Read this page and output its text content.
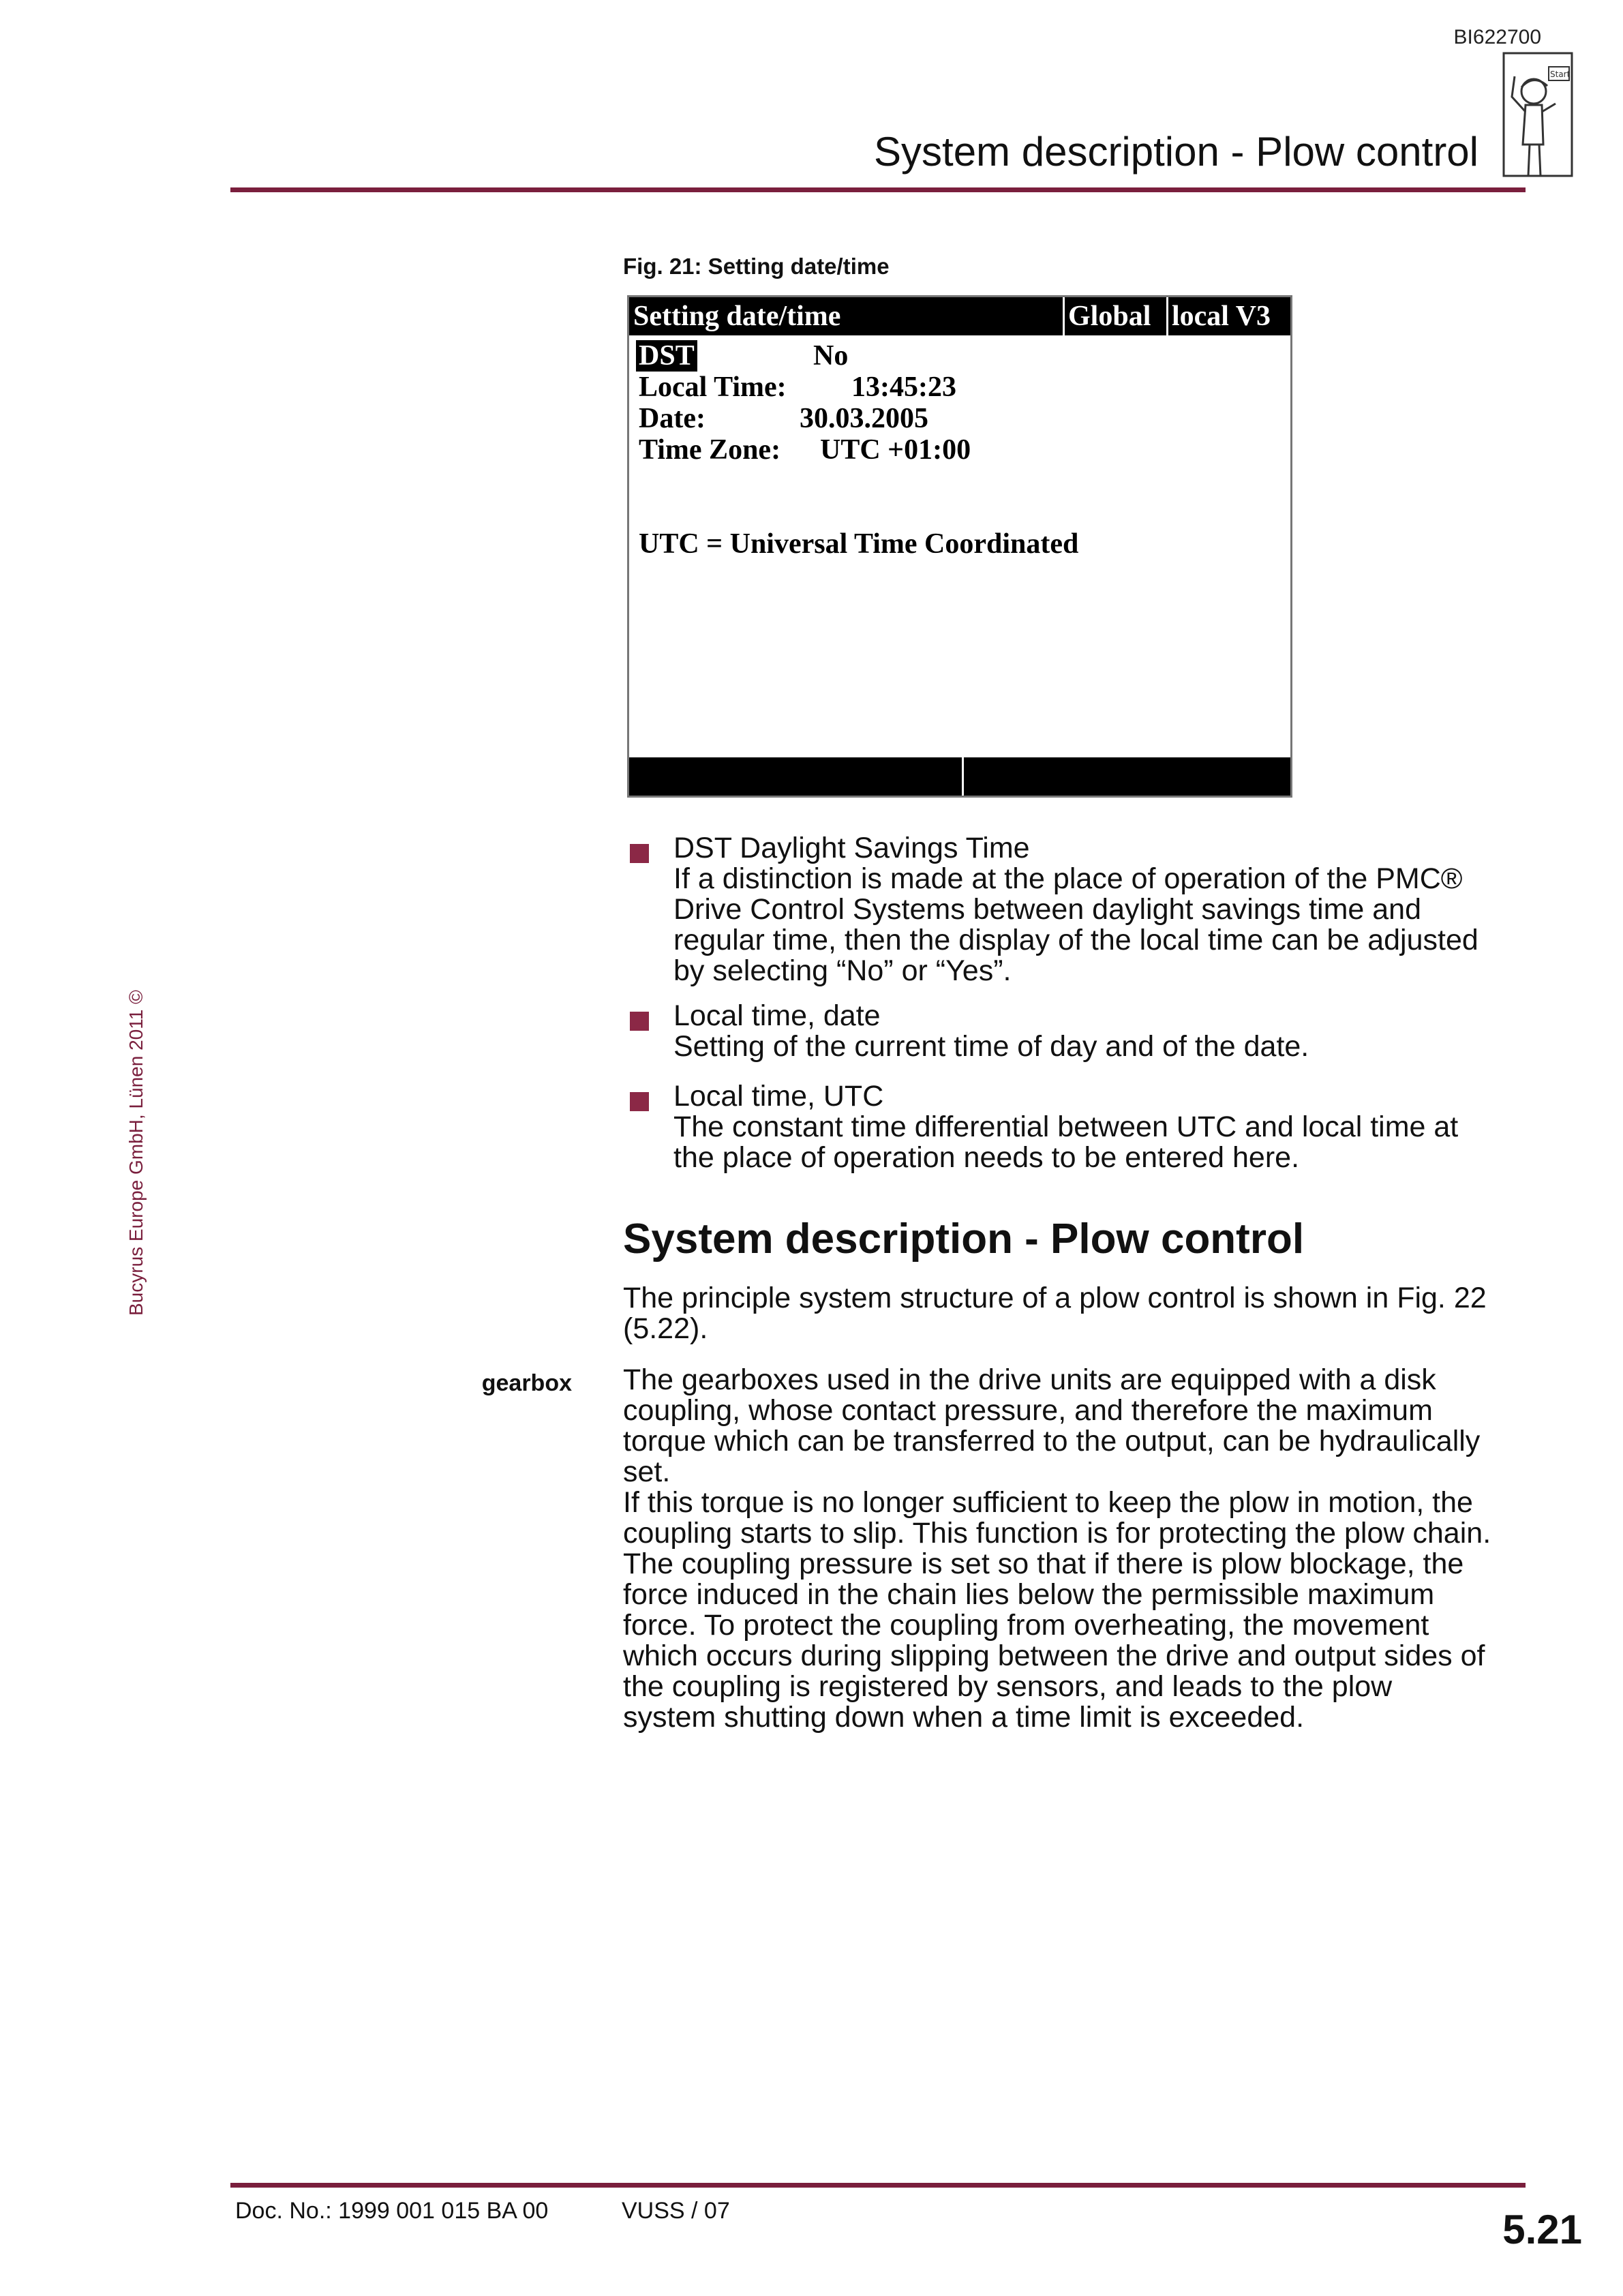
BI622700
Start
System description - Plow control
Fig. 21: Setting date/time
Setting date/time	Global local V3
DST	No
Local Time: 13:45:23
Date:	30.03.2005
Time Zone: UTC +01:00
UTC = Universal Time Coordinated
DST Daylight Savings Time
If a distinction is made at the place of operation of the PMC®
Drive Control Systems between daylight savings time and
regular time, then the display of the local time can be adjusted
by selecting “No” or “Yes”.
Local time, date
Setting of the current time of day and of the date.
Local time, UTC
The constant time differential between UTC and local time at
the place of operation needs to be entered here.
Bucyrus Europe GmbH, Lünen 2011 ©	System description - Plow control
The principle system structure of a plow control is shown in Fig. 22
(5.22).
gearbox The gearboxes used in the drive units are equipped with a disk
coupling, whose contact pressure, and therefore the maximum
torque which can be transferred to the output, can be hydraulically
set.
If this torque is no longer sufficient to keep the plow in motion, the
coupling starts to slip. This function is for protecting the plow chain.
The coupling pressure is set so that if there is plow blockage, the
force induced in the chain lies below the permissible maximum
force. To protect the coupling from overheating, the movement
which occurs during slipping between the drive and output sides of
the coupling is registered by sensors, and leads to the plow
system shutting down when a time limit is exceeded.
Doc. No.: 1999 001 015 BA 00	VUSS / 07	5.21
